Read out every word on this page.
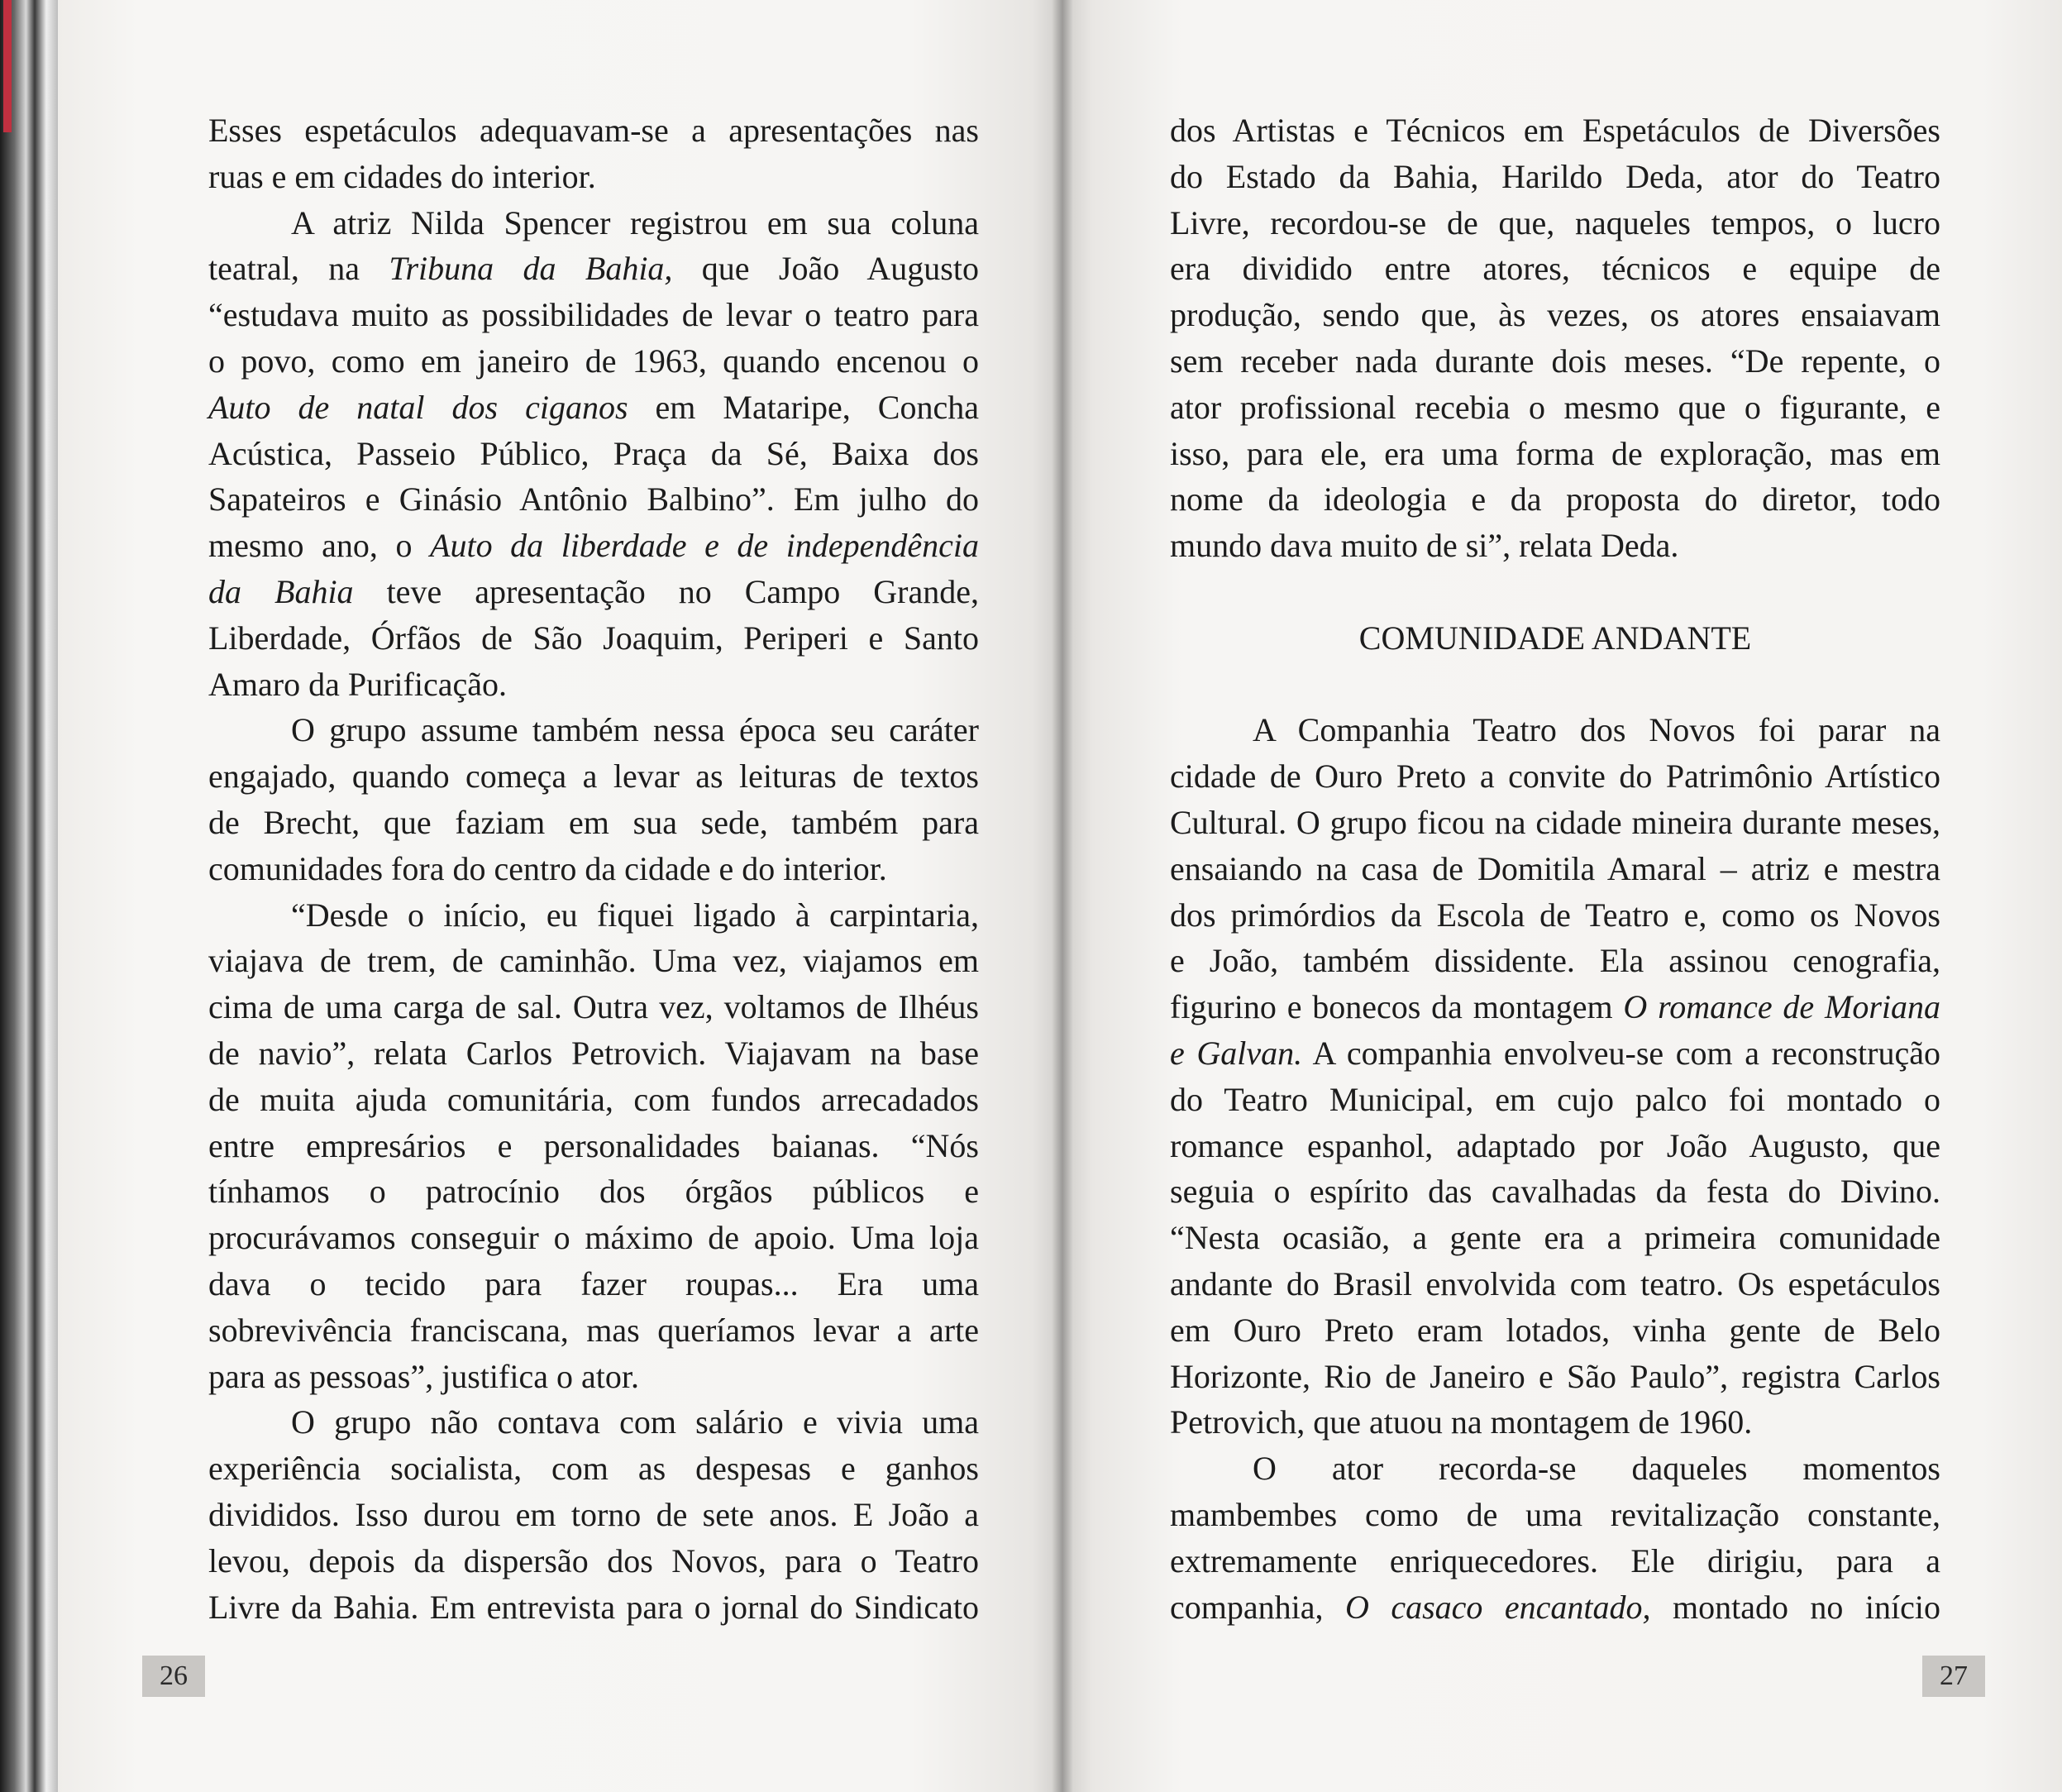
Esses espetáculos adequavam-se a apresentações nas

ruas e em cidades do interior.

A atriz Nilda Spencer registrou em sua coluna

teatral, na Tribuna da Bahia, que João Augusto

“estudava muito as possibilidades de levar o teatro para

o povo, como em janeiro de 1963, quando encenou o

Auto de natal dos ciganos em Mataripe, Concha

Acústica, Passeio Público, Praça da Sé, Baixa dos

Sapateiros e Ginásio Antônio Balbino”. Em julho do

mesmo ano, o Auto da liberdade e de independência

da Bahia teve apresentação no Campo Grande,

Liberdade, Órfãos de São Joaquim, Periperi e Santo

Amaro da Purificação.

O grupo assume também nessa época seu caráter

engajado, quando começa a levar as leituras de textos

de Brecht, que faziam em sua sede, também para

comunidades fora do centro da cidade e do interior.

“Desde o início, eu fiquei ligado à carpintaria,

viajava de trem, de caminhão. Uma vez, viajamos em

cima de uma carga de sal. Outra vez, voltamos de Ilhéus

de navio”, relata Carlos Petrovich. Viajavam na base

de muita ajuda comunitária, com fundos arrecadados

entre empresários e personalidades baianas. “Nós

tínhamos o patrocínio dos órgãos públicos e

procurávamos conseguir o máximo de apoio. Uma loja

dava o tecido para fazer roupas... Era uma

sobrevivência franciscana, mas queríamos levar a arte

para as pessoas”, justifica o ator.

O grupo não contava com salário e vivia uma

experiência socialista, com as despesas e ganhos

divididos. Isso durou em torno de sete anos. E João a

levou, depois da dispersão dos Novos, para o Teatro

Livre da Bahia. Em entrevista para o jornal do Sindicato

26

dos Artistas e Técnicos em Espetáculos de Diversões

do Estado da Bahia, Harildo Deda, ator do Teatro

Livre, recordou-se de que, naqueles tempos, o lucro

era dividido entre atores, técnicos e equipe de

produção, sendo que, às vezes, os atores ensaiavam

sem receber nada durante dois meses. “De repente, o

ator profissional recebia o mesmo que o figurante, e

isso, para ele, era uma forma de exploração, mas em

nome da ideologia e da proposta do diretor, todo

mundo dava muito de si”, relata Deda.

COMUNIDADE ANDANTE

A Companhia Teatro dos Novos foi parar na

cidade de Ouro Preto a convite do Patrimônio Artístico

Cultural. O grupo ficou na cidade mineira durante meses,

ensaiando na casa de Domitila Amaral – atriz e mestra

dos primórdios da Escola de Teatro e, como os Novos

e João, também dissidente. Ela assinou cenografia,

figurino e bonecos da montagem O romance de Moriana

e Galvan. A companhia envolveu-se com a reconstrução

do Teatro Municipal, em cujo palco foi montado o

romance espanhol, adaptado por João Augusto, que

seguia o espírito das cavalhadas da festa do Divino.

“Nesta ocasião, a gente era a primeira comunidade

andante do Brasil envolvida com teatro. Os espetáculos

em Ouro Preto eram lotados, vinha gente de Belo

Horizonte, Rio de Janeiro e São Paulo”, registra Carlos

Petrovich, que atuou na montagem de 1960.

O ator recorda-se daqueles momentos

mambembes como de uma revitalização constante,

extremamente enriquecedores. Ele dirigiu, para a

companhia, O casaco encantado, montado no início

27
